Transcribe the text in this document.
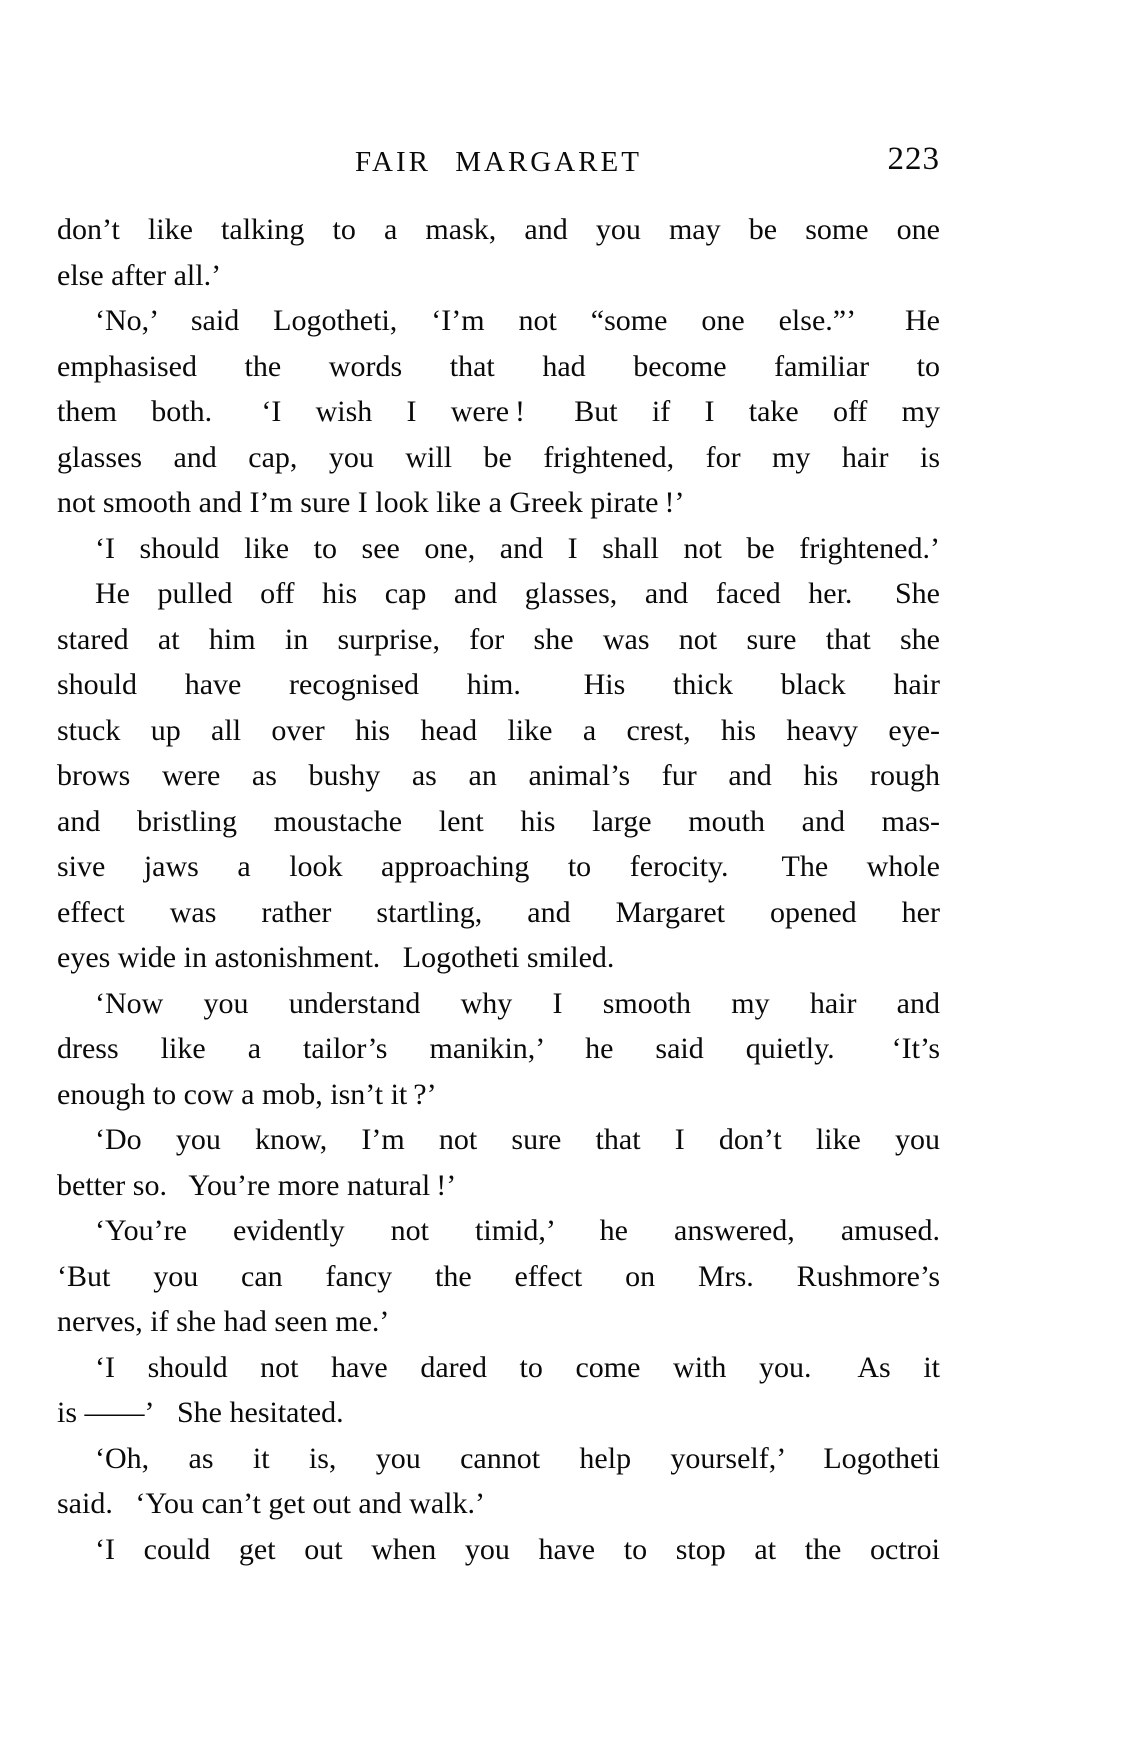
FAIR MARGARET	223
don’t like talking to a mask, and you may be some one
else after all.’
‘No,’ said Logotheti, ‘I’m not “some one else.”’  He
emphasised the words that had become familiar to
them both.  ‘I wish I were !  But if I take off my
glasses and cap, you will be frightened, for my hair is
not smooth and I’m sure I look like a Greek pirate !’
‘I should like to see one, and I shall not be frightened.’
He pulled off his cap and glasses, and faced her.  She
stared at him in surprise, for she was not sure that she
should have recognised him.  His thick black hair
stuck up all over his head like a crest, his heavy eye-
brows were as bushy as an animal’s fur and his rough
and bristling moustache lent his large mouth and mas-
sive jaws a look approaching to ferocity.  The whole
effect was rather startling, and Margaret opened her
eyes wide in astonishment.  Logotheti smiled.
‘Now you understand why I smooth my hair and
dress like a tailor’s manikin,’ he said quietly.  ‘It’s
enough to cow a mob, isn’t it ?’
‘Do you know, I’m not sure that I don’t like you
better so.  You’re more natural !’
‘You’re evidently not timid,’ he answered, amused.
‘But you can fancy the effect on Mrs. Rushmore’s
nerves, if she had seen me.’
‘I should not have dared to come with you.  As it
is ——’  She hesitated.
‘Oh, as it is, you cannot help yourself,’ Logotheti
said.  ‘You can’t get out and walk.’
‘I could get out when you have to stop at the octroi
